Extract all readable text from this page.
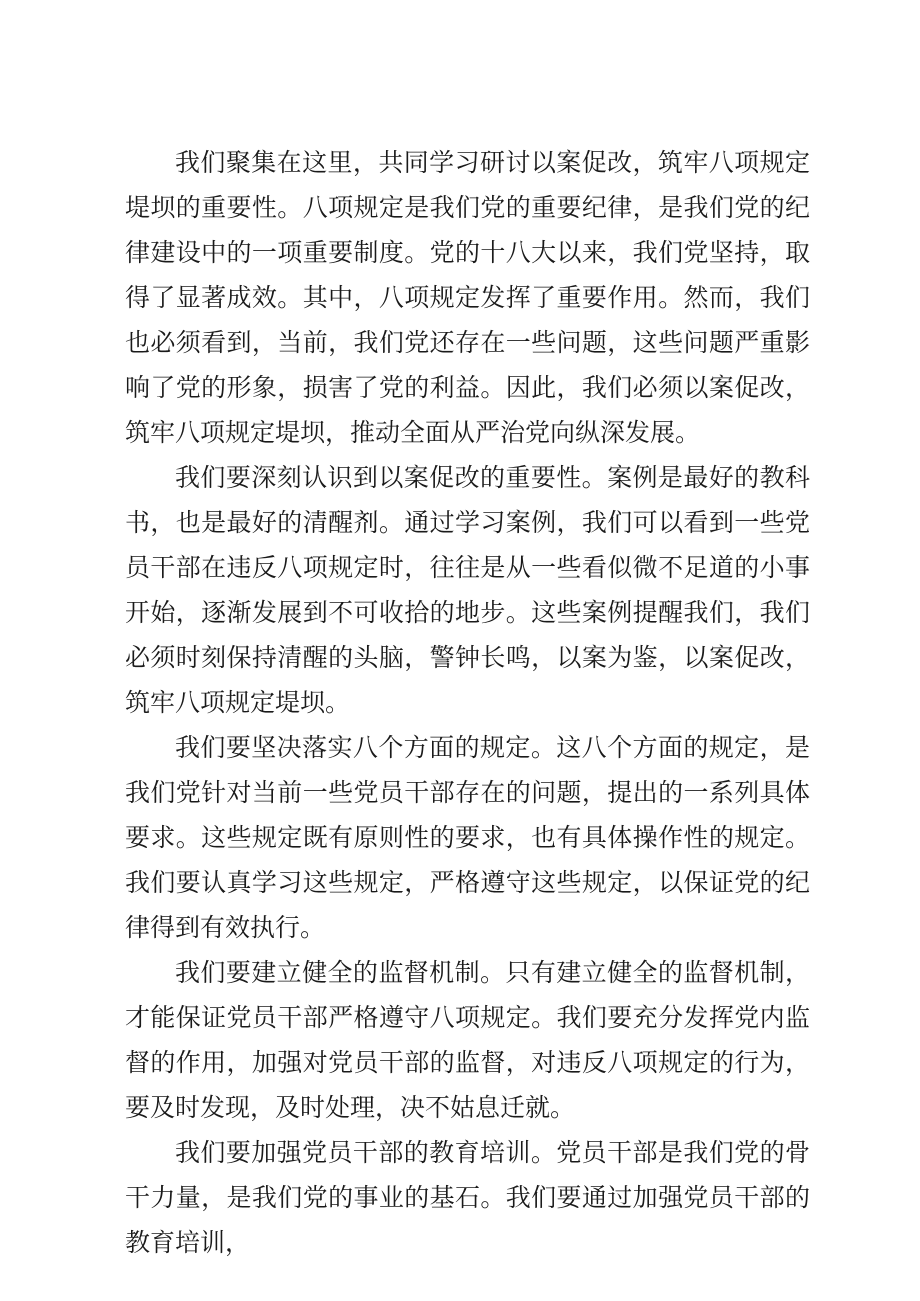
我们聚集在这里，共同学习研讨以案促改，筑牢八项规定堤坝的重要性。八项规定是我们党的重要纪律，是我们党的纪律建设中的一项重要制度。党的十八大以来，我们党坚持，取得了显著成效。其中，八项规定发挥了重要作用。然而，我们也必须看到，当前，我们党还存在一些问题，这些问题严重影响了党的形象，损害了党的利益。因此，我们必须以案促改，筑牢八项规定堤坝，推动全面从严治党向纵深发展。

我们要深刻认识到以案促改的重要性。案例是最好的教科书，也是最好的清醒剂。通过学习案例，我们可以看到一些党员干部在违反八项规定时，往往是从一些看似微不足道的小事开始，逐渐发展到不可收拾的地步。这些案例提醒我们，我们必须时刻保持清醒的头脑，警钟长鸣，以案为鉴，以案促改，筑牢八项规定堤坝。

我们要坚决落实八个方面的规定。这八个方面的规定，是我们党针对当前一些党员干部存在的问题，提出的一系列具体要求。这些规定既有原则性的要求，也有具体操作性的规定。我们要认真学习这些规定，严格遵守这些规定，以保证党的纪律得到有效执行。

我们要建立健全的监督机制。只有建立健全的监督机制，才能保证党员干部严格遵守八项规定。我们要充分发挥党内监督的作用，加强对党员干部的监督，对违反八项规定的行为，要及时发现，及时处理，决不姑息迁就。

我们要加强党员干部的教育培训。党员干部是我们党的骨干力量，是我们党的事业的基石。我们要通过加强党员干部的教育培训，
